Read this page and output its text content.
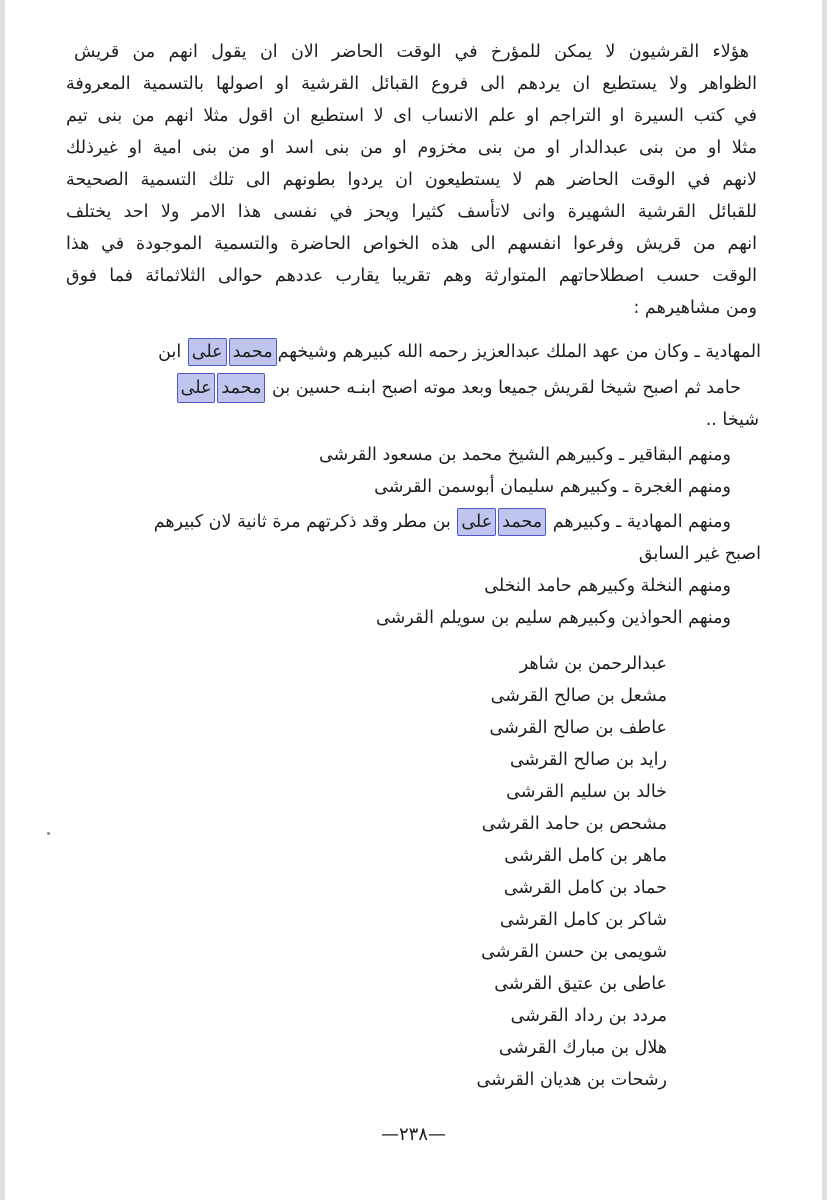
هؤلاء القرشيون لا يمكن للمؤرخ في الوقت الحاضر الان ان يقول انهم من قريش
الظواهر ولا يستطيع ان يردهم الى فروع القبائل القرشية او اصولها بالتسمية المعروفة
في كتب السيرة او التراجم او علم الانساب اى لا استطيع ان اقول مثلا انهم من بنى تيم
مثلا او من بنى عبدالدار او من بنى مخزوم او من بنى اسد او من بنى امية او غيرذلك
لانهم في الوقت الحاضر هم لا يستطيعون ان يردوا بطونهم الى تلك التسمية الصحيحة
للقبائل القرشية الشهيرة وانى لاتأسف كثيرا ويحز في نفسى هذا الامر ولا احد يختلف
انهم من قريش وفرعوا انفسهم الى هذه الخواص الحاضرة والتسمية الموجودة في هذا
الوقت حسب اصطلاحاتهم المتوارثة وهم تقريبا يقارب عددهم حوالى الثلاثمائة فما فوق
ومن مشاهيرهم :
المهادية ـ وكان من عهد الملك عبدالعزيز رحمه الله كبيرهم وشيخهممحمدعلى ابن
حامد ثم اصبح شيخا لقريش جميعا وبعد موته اصبح ابنـه حسين بن محمدعلى
شيخا ..
ومنهم البقاقير ـ وكبيرهم الشيخ محمد بن مسعود القرشى
ومنهم الغجرة ـ وكبيرهم سليمان أبوسمن القرشى
ومنهم المهادية ـ وكبيرهم محمدعلى بن مطر وقد ذكرتهم مرة ثانية لان كبيرهم
اصبح غير السابق
ومنهم النخلة وكبيرهم حامد النخلى
ومنهم الحواذين وكبيرهم سليم بن سويلم القرشى
عبدالرحمن بن شاهر
مشعل بن صالح القرشى
عاطف بن صالح القرشى
رايد بن صالح القرشى
خالد بن سليم القرشى
مشحص بن حامد القرشى
ماهر بن كامل القرشى
حماد بن كامل القرشى
شاكر بن كامل القرشى
شويمى بن حسن القرشى
عاطى بن عتيق القرشى
مردد بن رداد القرشى
هلال بن مبارك القرشى
رشحات بن هديان القرشى
—٢٣٨—
